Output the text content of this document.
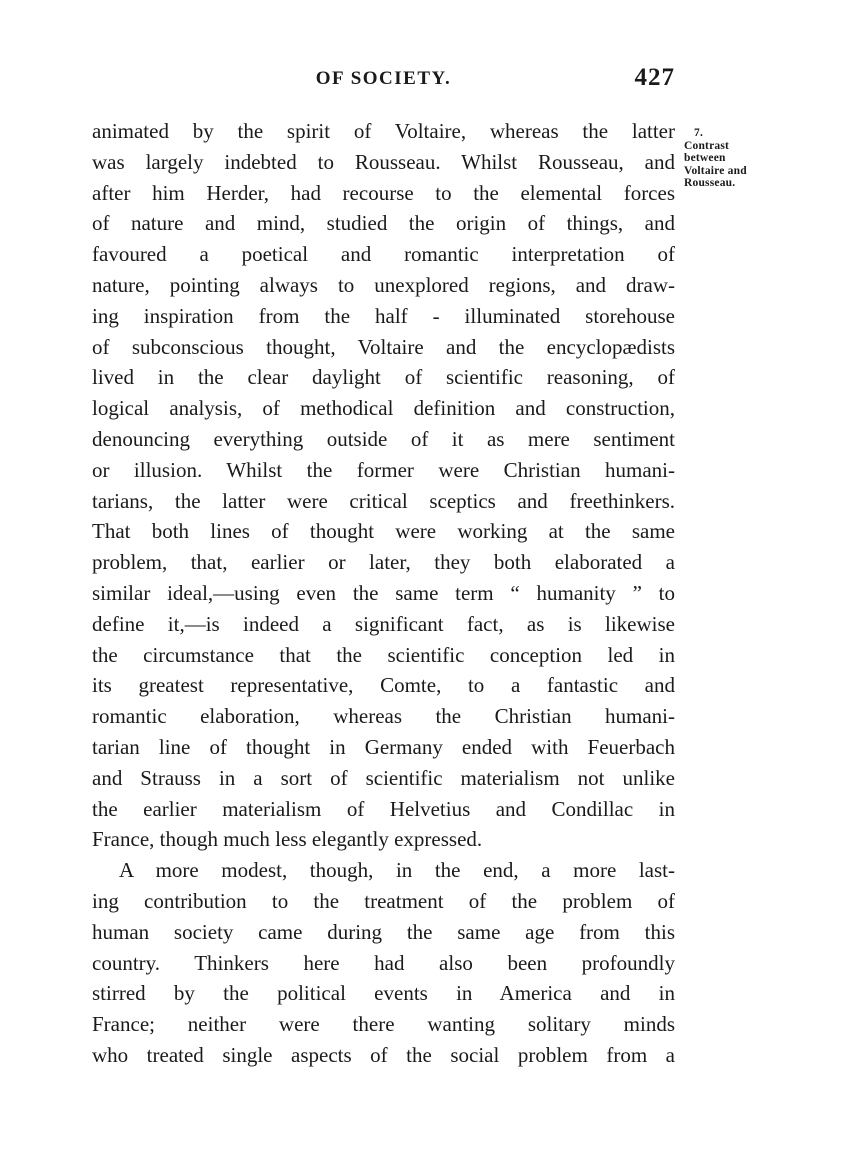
OF SOCIETY.	427
7.
Contrast
between
Voltaire and
Rousseau.
animated by the spirit of Voltaire, whereas the latter
was largely indebted to Rousseau. Whilst Rousseau, and
after him Herder, had recourse to the elemental forces
of nature and mind, studied the origin of things, and
favoured a poetical and romantic interpretation of
nature, pointing always to unexplored regions, and draw-
ing inspiration from the half - illuminated storehouse
of subconscious thought, Voltaire and the encyclopædists
lived in the clear daylight of scientific reasoning, of
logical analysis, of methodical definition and construction,
denouncing everything outside of it as mere sentiment
or illusion. Whilst the former were Christian humani-
tarians, the latter were critical sceptics and freethinkers.
That both lines of thought were working at the same
problem, that, earlier or later, they both elaborated a
similar ideal,—using even the same term “ humanity ” to
define it,—is indeed a significant fact, as is likewise
the circumstance that the scientific conception led in
its greatest representative, Comte, to a fantastic and
romantic elaboration, whereas the Christian humani-
tarian line of thought in Germany ended with Feuerbach
and Strauss in a sort of scientific materialism not unlike
the earlier materialism of Helvetius and Condillac in
France, though much less elegantly expressed.
A more modest, though, in the end, a more last-
ing contribution to the treatment of the problem of
human society came during the same age from this
country. Thinkers here had also been profoundly
stirred by the political events in America and in
France; neither were there wanting solitary minds
who treated single aspects of the social problem from a
